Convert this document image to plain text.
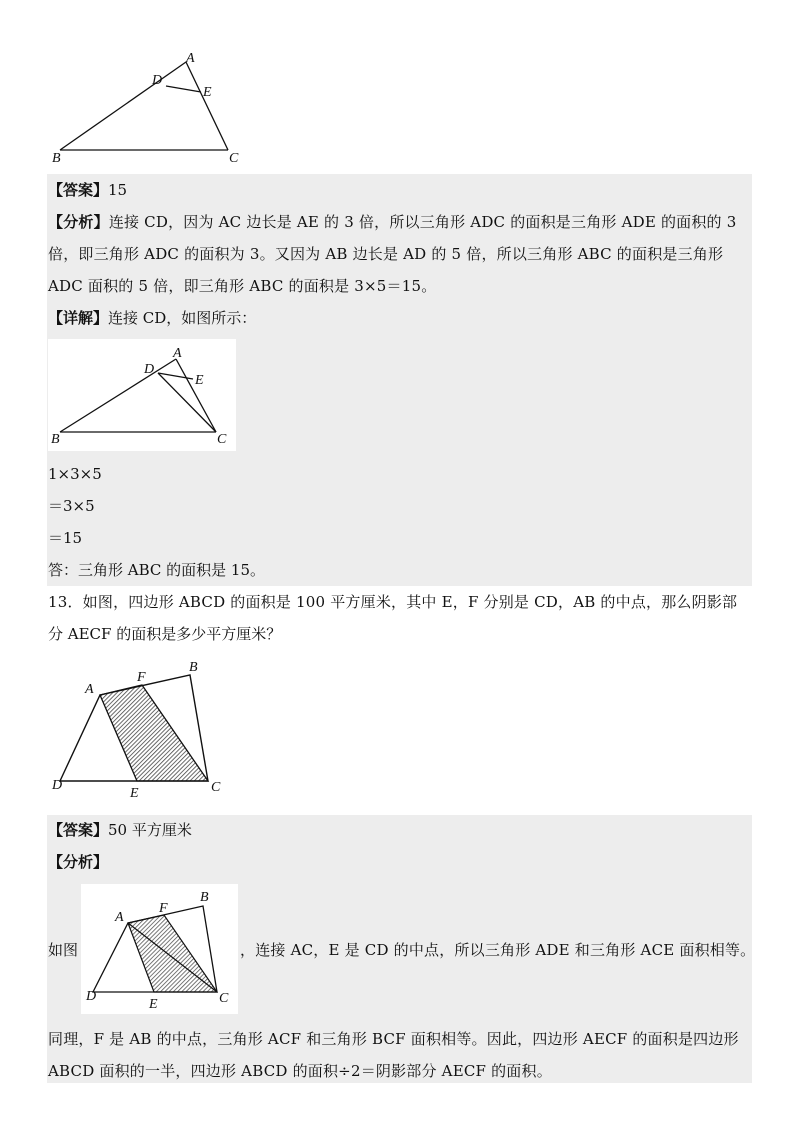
A
D
E
B	C
【答案】15
【分析】连接 CD，因为 AC 边长是 AE 的 3 倍，所以三角形 ADC 的面积是三角形 ADE 的面积的 3
倍，即三角形 ADC 的面积为 3。又因为 AB 边长是 AD 的 5 倍，所以三角形 ABC 的面积是三角形
ADC 面积的 5 倍，即三角形 ABC 的面积是 3×5＝15。
【详解】连接 CD，如图所示：
A
D
E
B	C
1×3×5
＝3×5
＝15
答：三角形 ABC 的面积是 15。
13．如图，四边形 ABCD 的面积是 100 平方厘米，其中 E，F 分别是 CD，AB 的中点，那么阴影部
分 AECF 的面积是多少平方厘米？
A
F
B
D
E	C
【答案】50 平方厘米
【分析】
如图
A
F
B
D
E	C
，连接 AC，E 是 CD 的中点，所以三角形 ADE 和三角形 ACE 面积相等。
同理，F 是 AB 的中点，三角形 ACF 和三角形 BCF 面积相等。因此，四边形 AECF 的面积是四边形
ABCD 面积的一半，四边形 ABCD 的面积÷2＝阴影部分 AECF 的面积。
